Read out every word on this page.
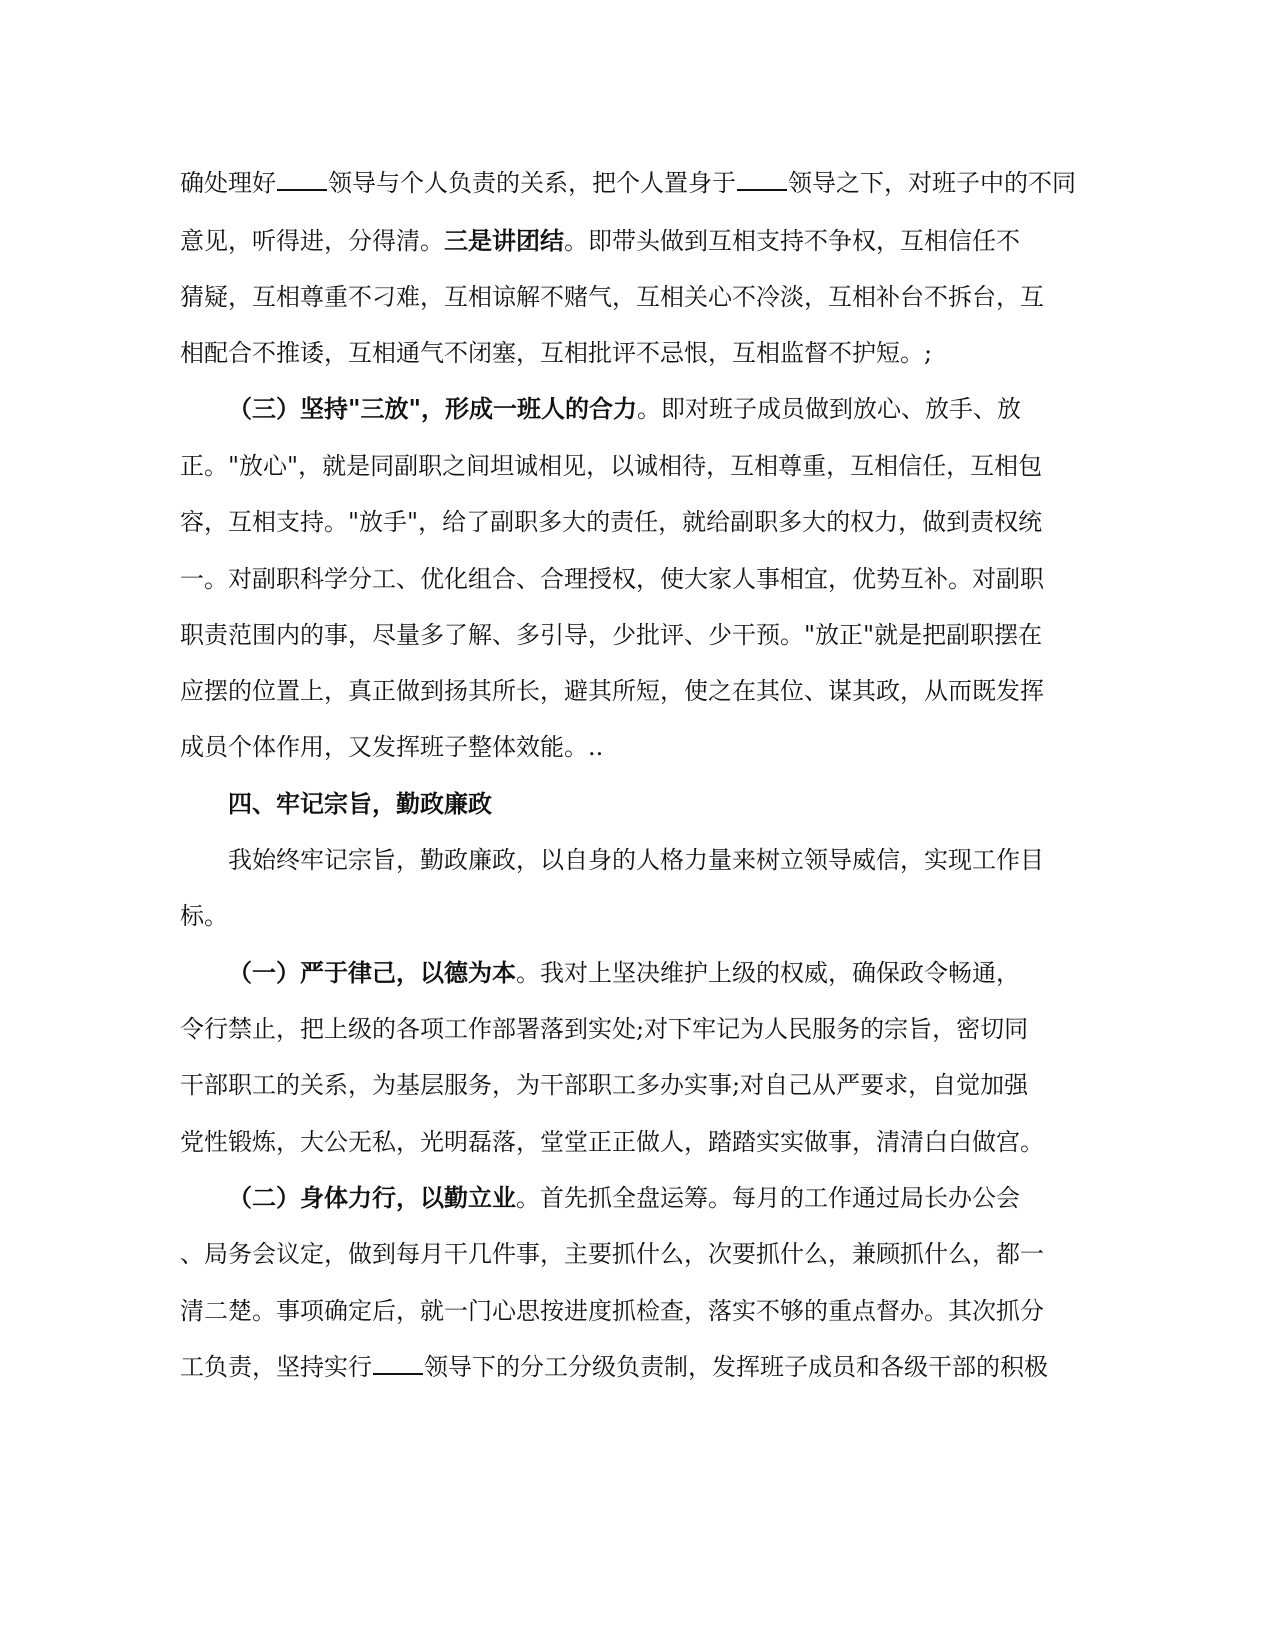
确处理好 领导与个人负责的关系，把个人置身于 领导之下，对班子中的不同
意见，听得进，分得清。三是讲团结。即带头做到互相支持不争权，互相信任不
猜疑，互相尊重不刁难，互相谅解不赌气，互相关心不冷淡，互相补台不拆台，互
相配合不推诿，互相通气不闭塞，互相批评不忌恨，互相监督不护短。;
（三）坚持"三放"，形成一班人的合力。即对班子成员做到放心、放手、放
正。"放心"，就是同副职之间坦诚相见，以诚相待，互相尊重，互相信任，互相包
容，互相支持。"放手"，给了副职多大的责任，就给副职多大的权力，做到责权统
一。对副职科学分工、优化组合、合理授权，使大家人事相宜，优势互补。对副职
职责范围内的事，尽量多了解、多引导，少批评、少干预。"放正"就是把副职摆在
应摆的位置上，真正做到扬其所长，避其所短，使之在其位、谋其政，从而既发挥
成员个体作用，又发挥班子整体效能。..
四、牢记宗旨，勤政廉政
我始终牢记宗旨，勤政廉政，以自身的人格力量来树立领导威信，实现工作目
标。
（一）严于律己，以德为本。我对上坚决维护上级的权威，确保政令畅通，
令行禁止，把上级的各项工作部署落到实处;对下牢记为人民服务的宗旨，密切同
干部职工的关系，为基层服务，为干部职工多办实事;对自己从严要求，自觉加强
党性锻炼，大公无私，光明磊落，堂堂正正做人，踏踏实实做事，清清白白做宫。
（二）身体力行，以勤立业。首先抓全盘运筹。每月的工作通过局长办公会
、局务会议定，做到每月干几件事，主要抓什么，次要抓什么，兼顾抓什么，都一
清二楚。事项确定后，就一门心思按进度抓检查，落实不够的重点督办。其次抓分
工负责，坚持实行 领导下的分工分级负责制，发挥班子成员和各级干部的积极
